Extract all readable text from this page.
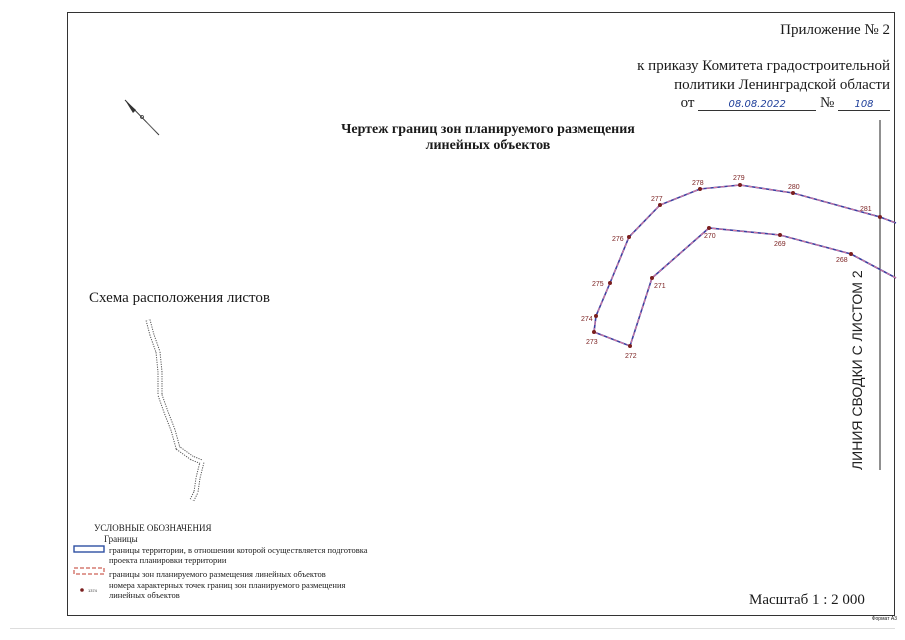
Приложение № 2
к приказу Комитета градостроительной
политики Ленинградской области
от	08.08.2022 № 108
Чертеж границ зон планируемого размещения
линейных объектов
273
274
275
276
277
278
279
280
281
272
271
270
269
268
ЛИНИЯ СВОДКИ С ЛИСТОМ 2
1374
Схема расположения листов
УСЛОВНЫЕ ОБОЗНАЧЕНИЯ
Границы
границы территории, в отношении которой осуществляется подготовка проекта планировки территории
границы зон планируемого размещения линейных объектов
номера характерных точек границ зон планируемого размещения линейных объектов	Масштаб 1 : 2 000
Формат А3
